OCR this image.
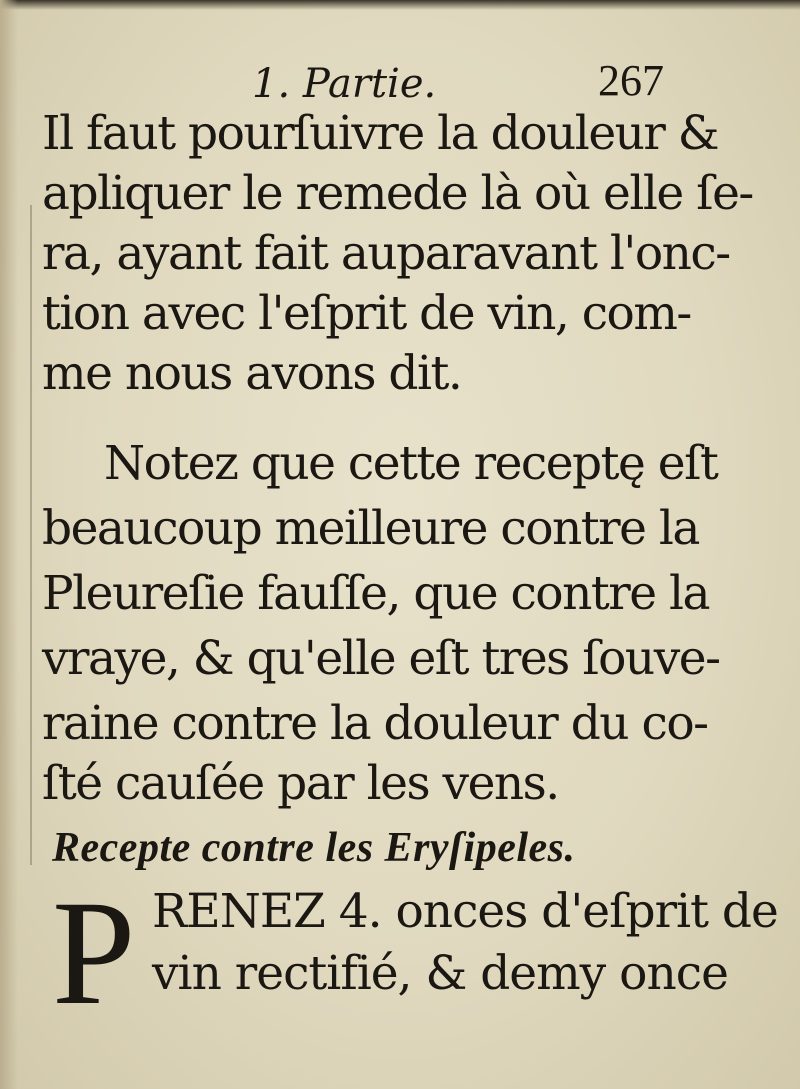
1. Partie.	267
Il faut pourſuivre la douleur &
apliquer le remede là où elle ſe-
ra, ayant fait auparavant l'onc-
tion avec l'eſprit de vin, com-
me nous avons dit.
Notez que cette receptę eſt
beaucoup meilleure contre la
Pleureſie fauſſe, que contre la
vraye, & qu'elle eſt tres ſouve-
raine contre la douleur du co-
ſté cauſée par les vens.
Recepte contre les Eryſipeles.
P RENEZ 4. onces d'eſprit de
vin rectifié, & demy once
